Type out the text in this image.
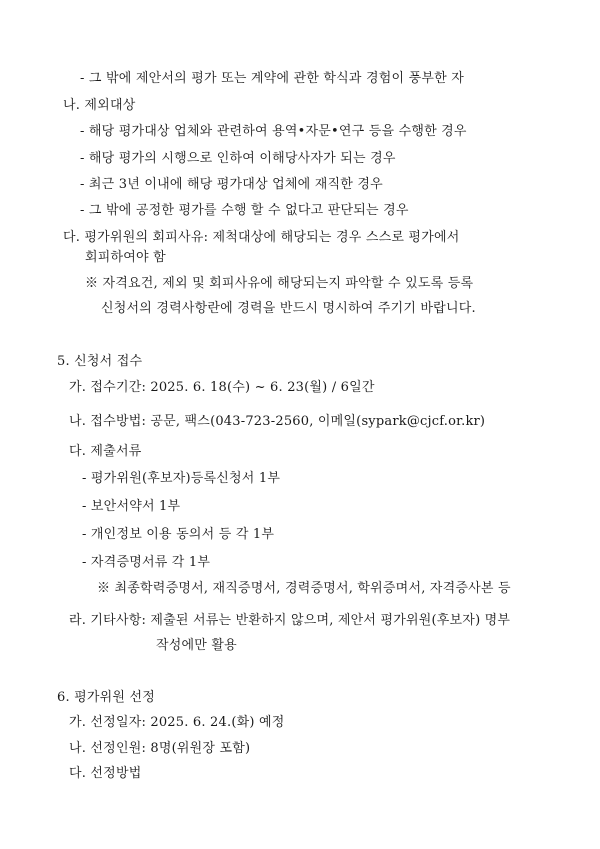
- 그 밖에 제안서의 평가 또는 계약에 관한 학식과 경험이 풍부한 자
나. 제외대상
- 해당 평가대상 업체와 관련하여 용역•자문•연구 등을 수행한 경우
- 해당 평가의 시행으로 인하여 이해당사자가 되는 경우
- 최근 3년 이내에 해당 평가대상 업체에 재직한 경우
- 그 밖에 공정한 평가를 수행 할 수 없다고 판단되는 경우
다. 평가위원의 회피사유: 제척대상에 해당되는 경우 스스로 평가에서
회피하여야 함
※ 자격요건, 제외 및 회피사유에 해당되는지 파악할 수 있도록 등록
신청서의 경력사항란에 경력을 반드시 명시하여 주기기 바랍니다.
5. 신청서 접수
가. 접수기간: 2025. 6. 18(수) ~ 6. 23(월) / 6일간
나. 접수방법: 공문, 팩스(043-723-2560, 이메일(sypark@cjcf.or.kr)
다. 제출서류
- 평가위원(후보자)등록신청서 1부
- 보안서약서 1부
- 개인정보 이용 동의서 등 각 1부
- 자격증명서류 각 1부
※ 최종학력증명서, 재직증명서, 경력증명서, 학위증며서, 자격증사본 등
라. 기타사항: 제출된 서류는 반환하지 않으며, 제안서 평가위원(후보자) 명부
작성에만 활용
6. 평가위원 선정
가. 선정일자: 2025. 6. 24.(화) 예정
나. 선정인원: 8명(위원장 포함)
다. 선정방법
